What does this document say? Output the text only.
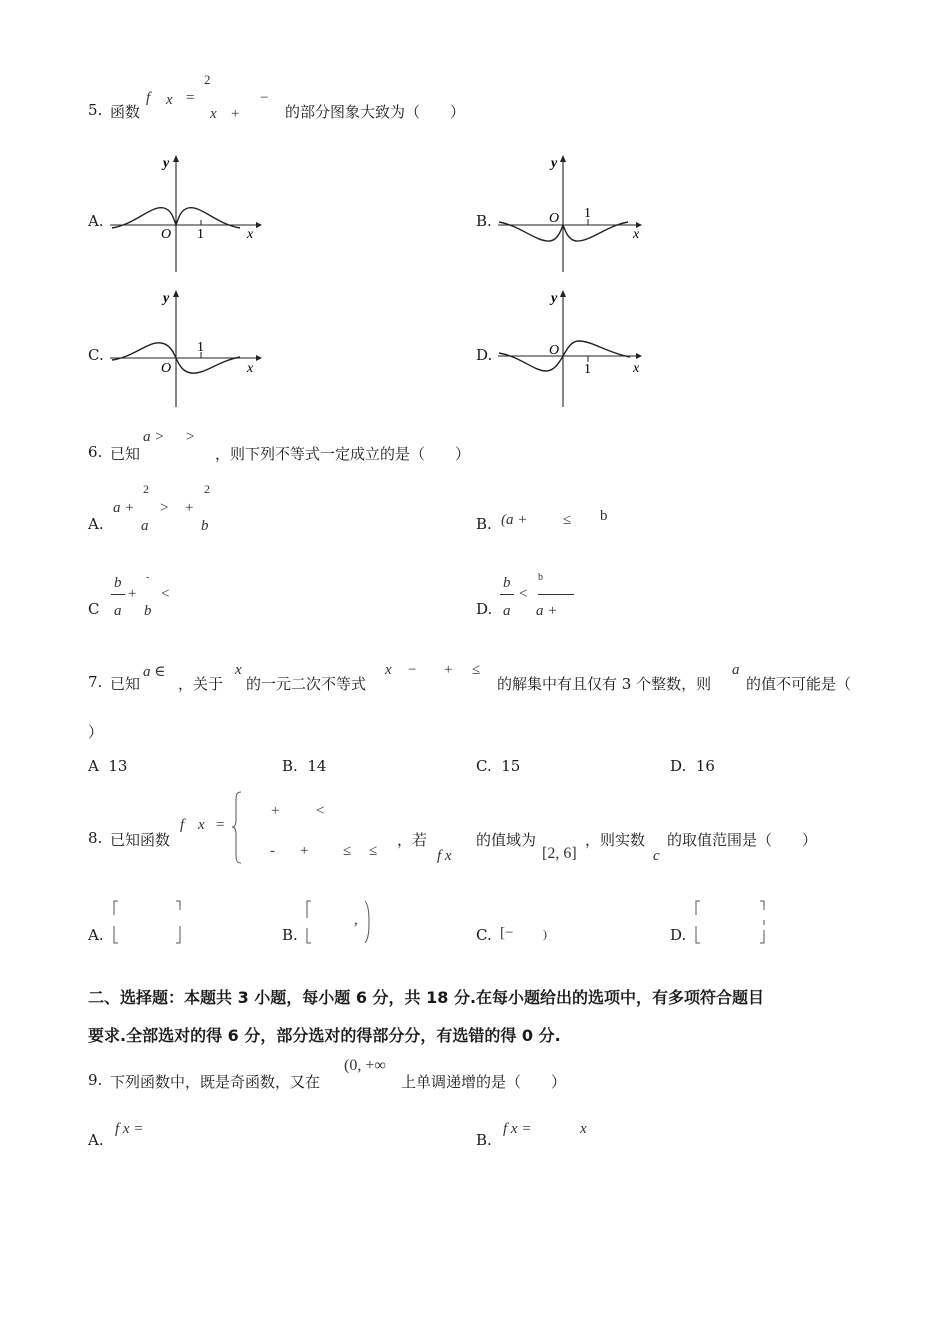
5. 函数
f x =
2
x +
−
的部分图象大致为（　　）
A.
y
O 1	x
B.
y
O 1
x
C.
y
O
1
x
D.
y
O
1	x
6. 已知
a > >
，则下列不等式一定成立的是（　　）
A.
2	2
a +
a
> +
b	B. (a + ≤ b
C
b
a
+
‐
b
<
D.
b
a
<
b
a +
7. 已知
a ∈
，关于
x
的一元二次不等式
x − + ≤
的解集中有且仅有 3 个整数，则
a
的值不可能是（
）
A 13	B. 14	C. 15	D. 16
8. 已知函数
f x =
+ <
- + ≤ ≤
，若
f x
的值域为
[2, 6]
，则实数
c
的取值范围是（　　）
A.	B.
,
C. [− )	D.
二、选择题：本题共 3 小题，每小题 6 分，共 18 分.在每小题给出的选项中，有多项符合题目
要求.全部选对的得 6 分，部分选对的得部分分，有选错的得 0 分.
9. 下列函数中，既是奇函数，又在
(0, +∞
上单调递增的是（　　）
A.
f x =
B.
f x =	x
